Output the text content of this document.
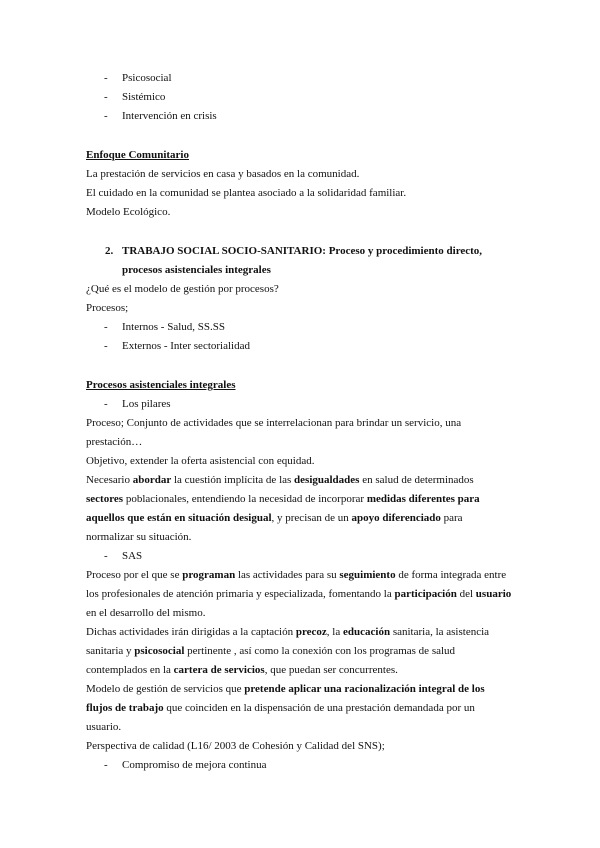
- Psicosocial
- Sistémico
- Intervención en crisis
Enfoque Comunitario
La prestación de servicios en casa y basados en la comunidad.
El cuidado en la comunidad se plantea asociado a la solidaridad familiar.
Modelo Ecológico.
2. TRABAJO SOCIAL SOCIO-SANITARIO: Proceso y procedimiento directo,
procesos asistenciales integrales
¿Qué es el modelo de gestión por procesos?
Procesos;
- Internos - Salud, SS.SS
- Externos - Inter sectorialidad
Procesos asistenciales integrales
- Los pilares
Proceso; Conjunto de actividades que se interrelacionan para brindar un servicio, una
prestación…
Objetivo, extender la oferta asistencial con equidad.
Necesario abordar la cuestión implícita de las desigualdades en salud de determinados
sectores poblacionales, entendiendo la necesidad de incorporar medidas diferentes para
aquellos que están en situación desigual, y precisan de un apoyo diferenciado para
normalizar su situación.
- SAS
Proceso por el que se programan las actividades para su seguimiento de forma integrada entre
los profesionales de atención primaria y especializada, fomentando la participación del usuario
en el desarrollo del mismo.
Dichas actividades irán dirigidas a la captación precoz, la educación sanitaria, la asistencia
sanitaria y psicosocial pertinente , así como la conexión con los programas de salud
contemplados en la cartera de servicios, que puedan ser concurrentes.
Modelo de gestión de servicios que pretende aplicar una racionalización integral de los
flujos de trabajo que coinciden en la dispensación de una prestación demandada por un
usuario.
Perspectiva de calidad (L16/ 2003 de Cohesión y Calidad del SNS);
- Compromiso de mejora continua
